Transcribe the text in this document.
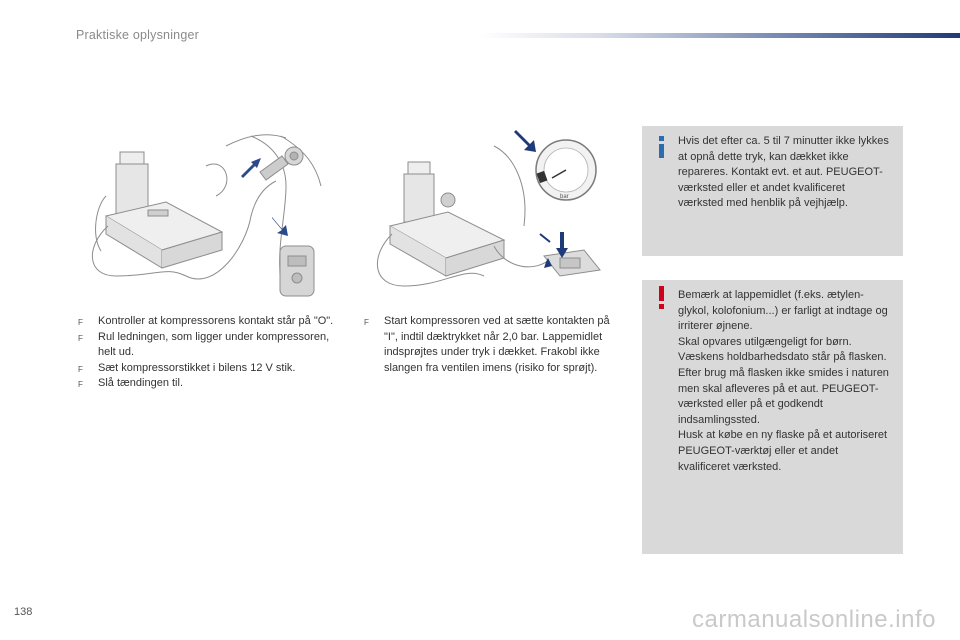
Praktiske oplysninger
bar
F Kontroller at kompressorens kontakt står på "O".
F Rul ledningen, som ligger under kompressoren, helt ud.
F Sæt kompressorstikket i bilens 12 V stik.
F Slå tændingen til.
F Start kompressoren ved at sætte kontakten på "I", indtil dæktrykket når 2,0 bar. Lappemidlet indsprøjtes under tryk i dækket. Frakobl ikke slangen fra ventilen imens (risiko for sprøjt).
Hvis det efter ca. 5 til 7 minutter ikke lykkes at opnå dette tryk, kan dækket ikke repareres. Kontakt evt. et aut. PEUGEOT-værksted eller et andet kvalificeret værksted med henblik på vejhjælp.
Bemærk at lappemidlet (f.eks. ætylen-glykol, kolofonium...) er farligt at indtage og irriterer øjnene.
Skal opvares utilgængeligt for børn.
Væskens holdbarhedsdato står på flasken.
Efter brug må flasken ikke smides i naturen men skal afleveres på et aut. PEUGEOT-værksted eller på et godkendt indsamlingssted.
Husk at købe en ny flaske på et autoriseret PEUGEOT-værktøj eller et andet kvalificeret værksted.
138	carmanualsonline.info
